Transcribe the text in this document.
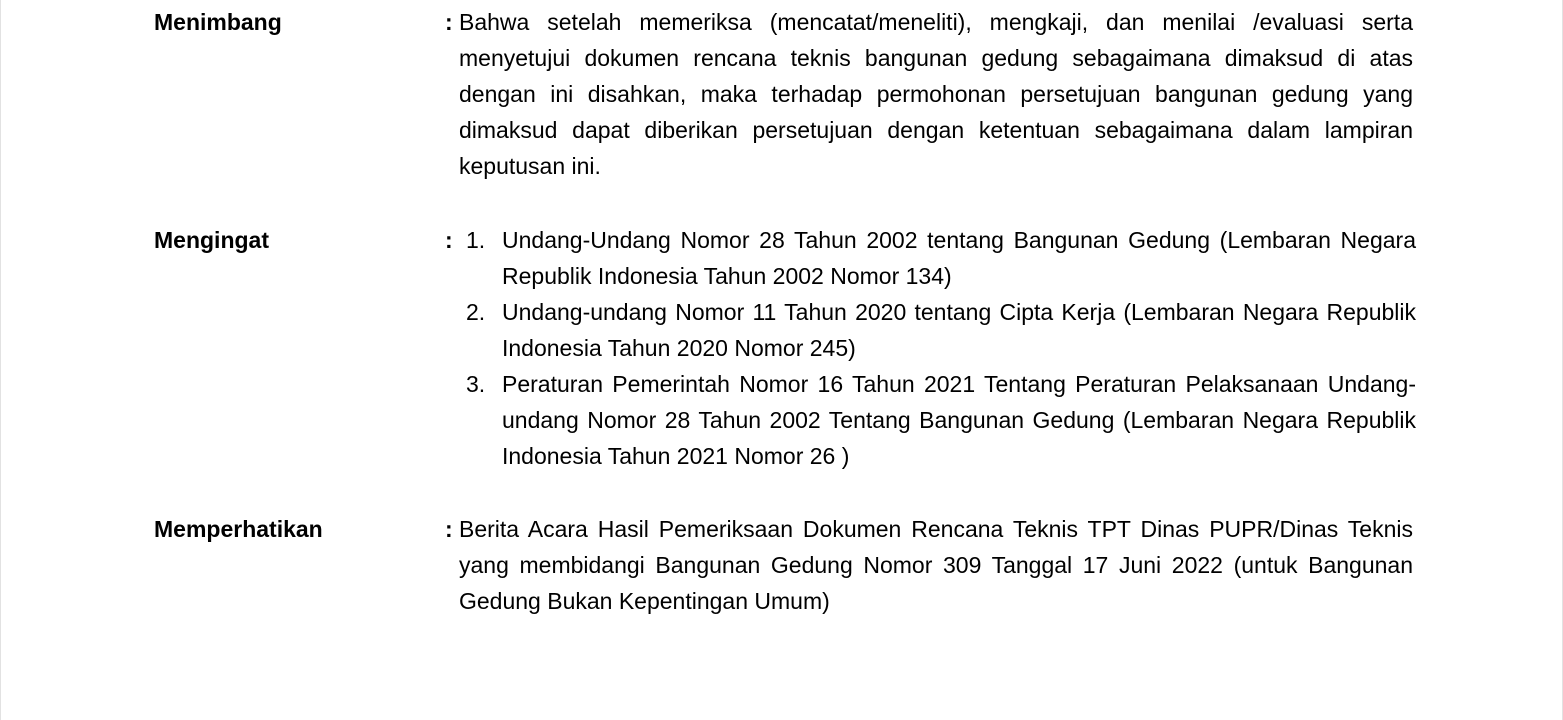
Menimbang	: Bahwa setelah memeriksa (mencatat/meneliti), mengkaji, dan menilai /evaluasi serta menyetujui dokumen rencana teknis bangunan gedung sebagaimana dimaksud di atas dengan ini disahkan, maka terhadap permohonan persetujuan bangunan gedung yang dimaksud dapat diberikan persetujuan dengan ketentuan sebagaimana dalam lampiran keputusan ini.

Mengingat	: 1. Undang-Undang Nomor 28 Tahun 2002 tentang Bangunan Gedung (Lembaran Negara Republik Indonesia Tahun 2002 Nomor 134)
2. Undang-undang Nomor 11 Tahun 2020 tentang Cipta Kerja (Lembaran Negara Republik Indonesia Tahun 2020 Nomor 245)
3. Peraturan Pemerintah Nomor 16 Tahun 2021 Tentang Peraturan Pelaksanaan Undang-undang Nomor 28 Tahun 2002 Tentang Bangunan Gedung (Lembaran Negara Republik Indonesia Tahun 2021 Nomor 26 )
Memperhatikan	: Berita Acara Hasil Pemeriksaan Dokumen Rencana Teknis TPT Dinas PUPR/Dinas Teknis yang membidangi Bangunan Gedung Nomor 309 Tanggal 17 Juni 2022 (untuk Bangunan Gedung Bukan Kepentingan Umum)
